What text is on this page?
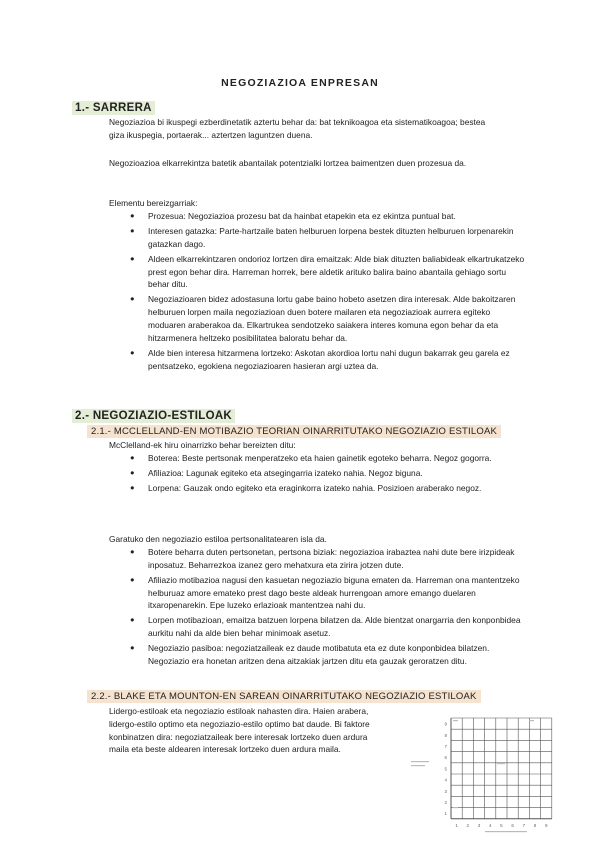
NEGOZIAZIOA ENPRESAN
1.- SARRERA

Negoziazioa bi ikuspegi ezberdinetatik aztertu behar da: bat teknikoagoa eta sistematikoagoa; bestea giza ikuspegia, portaerak... aztertzen laguntzen duena.

Negozioazioa elkarrekintza batetik abantailak potentzialki lortzea baimentzen duen prozesua da.

Elementu bereizgarriak:

● Prozesua: Negoziazioa prozesu bat da hainbat etapekin eta ez ekintza puntual bat.
● Interesen gatazka: Parte-hartzaile baten helburuen lorpena bestek dituzten helburuen lorpenarekin gatazkan dago.
● Aldeen elkarrekintzaren ondorioz lortzen dira emaitzak: Alde biak dituzten baliabideak elkartrukatzeko prest egon behar dira. Harreman horrek, bere aldetik arituko balira baino abantaila gehiago sortu behar ditu.
● Negoziazioaren bidez adostasuna lortu gabe baino hobeto asetzen dira interesak. Alde bakoitzaren helburuen lorpen maila negoziazioan duen botere mailaren eta negoziazioak aurrera egiteko moduaren araberakoa da. Elkartrukea sendotzeko saiakera interes komuna egon behar da eta hitzarmenera heltzeko posibilitatea baloratu behar da.
● Alde bien interesa hitzarmena lortzeko: Askotan akordioa lortu nahi dugun bakarrak geu garela ez pentsatzeko, egokiena negoziazioaren hasieran argi uztea da.
2.- NEGOZIAZIO-ESTILOAK
2.1.- MCCLELLAND-EN MOTIBAZIO TEORIAN OINARRITUTAKO NEGOZIAZIO ESTILOAK

McClelland-ek hiru oinarrizko behar bereizten ditu:

● Boterea: Beste pertsonak menperatzeko eta haien gainetik egoteko beharra. Negoz gogorra.
● Afiliazioa: Lagunak egiteko eta atsegingarria izateko nahia. Negoz biguna.
● Lorpena: Gauzak ondo egiteko eta eraginkorra izateko nahia. Posizioen araberako negoz.

Garatuko den negoziazio estiloa pertsonalitatearen isla da.

● Botere beharra duten pertsonetan, pertsona biziak: negoziazioa irabaztea nahi dute bere irizpideak inposatuz. Beharrezkoa izanez gero mehatxura eta zirira jotzen dute.
● Afiliazio motibazioa nagusi den kasuetan negoziazio biguna ematen da. Harreman ona mantentzeko helburuaz amore emateko prest dago beste aldeak hurrengoan amore emango duelaren itxaropenarekin. Epe luzeko erlazioak mantentzea nahi du.
● Lorpen motibazioan, emaitza batzuen lorpena bilatzen da. Alde bientzat onargarria den konponbidea aurkitu nahi da alde bien behar minimoak asetuz.
● Negoziazio pasiboa: negoziatzaileak ez daude motibatuta eta ez dute konponbidea bilatzen. Negoziazio era honetan aritzen dena aitzakiak jartzen ditu eta gauzak geroratzen ditu.
2.2.- BLAKE ETA MOUNTON-EN SAREAN OINARRITUTAKO NEGOZIAZIO ESTILOAK

Lidergo-estiloak eta negoziazio estiloak nahasten dira. Haien arabera, lidergo-estilo optimo eta negoziazio-estilo optimo bat daude. Bi faktore konbinatzen dira: negoziatzaileak bere interesak lortzeko duen ardura maila eta beste aldearen interesak lortzeko duen ardura maila.

9
8
7
6
5
4
3
2
1
1 2 3 4 5 6 7 8 9
